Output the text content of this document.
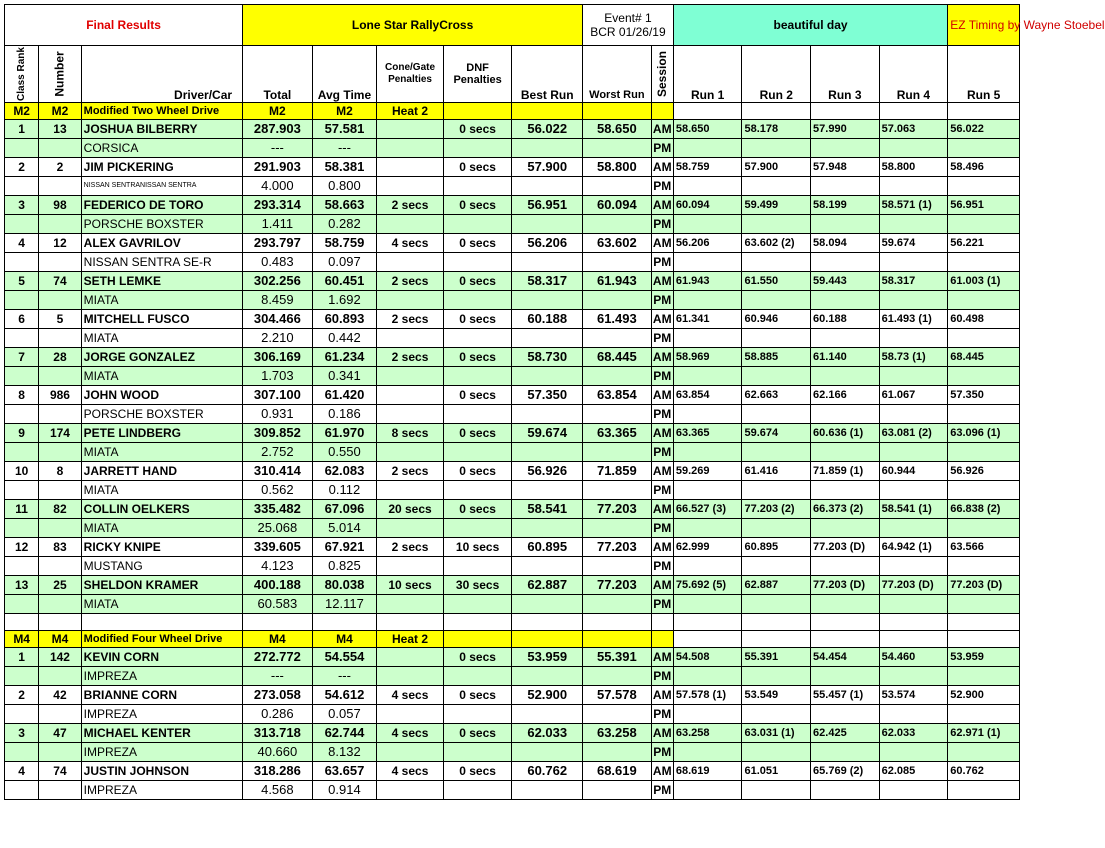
Final Results			Lone Star RallyCross					Event# 1
BCR 01/26/19		beautiful day				EZ Timing by Wayne Stoebel

Class Rank	Number	Driver/Car	Total	Avg Time	Cone/Gate Penalties	DNF Penalties	Best Run	Worst Run	Session	Run 1	Run 2	Run 3	Run 4	Run 5
M2	M2	Modified Two Wheel Drive	M2	M2	Heat 2									
1	13	JOSHUA BILBERRY	287.903	57.581		0 secs	56.022	58.650	AM	58.650	58.178	57.990	57.063	56.022
		CORSICA	---	---					PM					
2	2	JIM PICKERING	291.903	58.381		0 secs	57.900	58.800	AM	58.759	57.900	57.948	58.800	58.496
		NISSAN SENTRANISSAN SENTRA	4.000	0.800					PM					
3	98	FEDERICO DE TORO	293.314	58.663	2 secs	0 secs	56.951	60.094	AM	60.094	59.499	58.199	58.571 (1)	56.951
		PORSCHE BOXSTER	1.411	0.282					PM					
4	12	ALEX GAVRILOV	293.797	58.759	4 secs	0 secs	56.206	63.602	AM	56.206	63.602 (2)	58.094	59.674	56.221
		NISSAN SENTRA SE-R	0.483	0.097					PM					
5	74	SETH LEMKE	302.256	60.451	2 secs	0 secs	58.317	61.943	AM	61.943	61.550	59.443	58.317	61.003 (1)
		MIATA	8.459	1.692					PM					
6	5	MITCHELL FUSCO	304.466	60.893	2 secs	0 secs	60.188	61.493	AM	61.341	60.946	60.188	61.493 (1)	60.498
		MIATA	2.210	0.442					PM					
7	28	JORGE GONZALEZ	306.169	61.234	2 secs	0 secs	58.730	68.445	AM	58.969	58.885	61.140	58.73 (1)	68.445
		MIATA	1.703	0.341					PM					
8	986	JOHN WOOD	307.100	61.420		0 secs	57.350	63.854	AM	63.854	62.663	62.166	61.067	57.350
		PORSCHE BOXSTER	0.931	0.186					PM					
9	174	PETE LINDBERG	309.852	61.970	8 secs	0 secs	59.674	63.365	AM	63.365	59.674	60.636 (1)	63.081 (2)	63.096 (1)
		MIATA	2.752	0.550					PM					
10	8	JARRETT HAND	310.414	62.083	2 secs	0 secs	56.926	71.859	AM	59.269	61.416	71.859 (1)	60.944	56.926
		MIATA	0.562	0.112					PM					
11	82	COLLIN OELKERS	335.482	67.096	20 secs	0 secs	58.541	77.203	AM	66.527 (3)	77.203 (2)	66.373 (2)	58.541 (1)	66.838 (2)
		MIATA	25.068	5.014					PM					
12	83	RICKY KNIPE	339.605	67.921	2 secs	10 secs	60.895	77.203	AM	62.999	60.895	77.203 (D)	64.942 (1)	63.566
		MUSTANG	4.123	0.825					PM					
13	25	SHELDON KRAMER	400.188	80.038	10 secs	30 secs	62.887	77.203	AM	75.692 (5)	62.887	77.203 (D)	77.203 (D)	77.203 (D)
		MIATA	60.583	12.117					PM					

M4	M4	Modified Four Wheel Drive	M4	M4	Heat 2									
1	142	KEVIN CORN	272.772	54.554		0 secs	53.959	55.391	AM	54.508	55.391	54.454	54.460	53.959
		IMPREZA	---	---					PM					
2	42	BRIANNE CORN	273.058	54.612	4 secs	0 secs	52.900	57.578	AM	57.578 (1)	53.549	55.457 (1)	53.574	52.900
		IMPREZA	0.286	0.057					PM					
3	47	MICHAEL KENTER	313.718	62.744	4 secs	0 secs	62.033	63.258	AM	63.258	63.031 (1)	62.425	62.033	62.971 (1)
		IMPREZA	40.660	8.132					PM					
4	74	JUSTIN JOHNSON	318.286	63.657	4 secs	0 secs	60.762	68.619	AM	68.619	61.051	65.769 (2)	62.085	60.762
		IMPREZA	4.568	0.914					PM					
